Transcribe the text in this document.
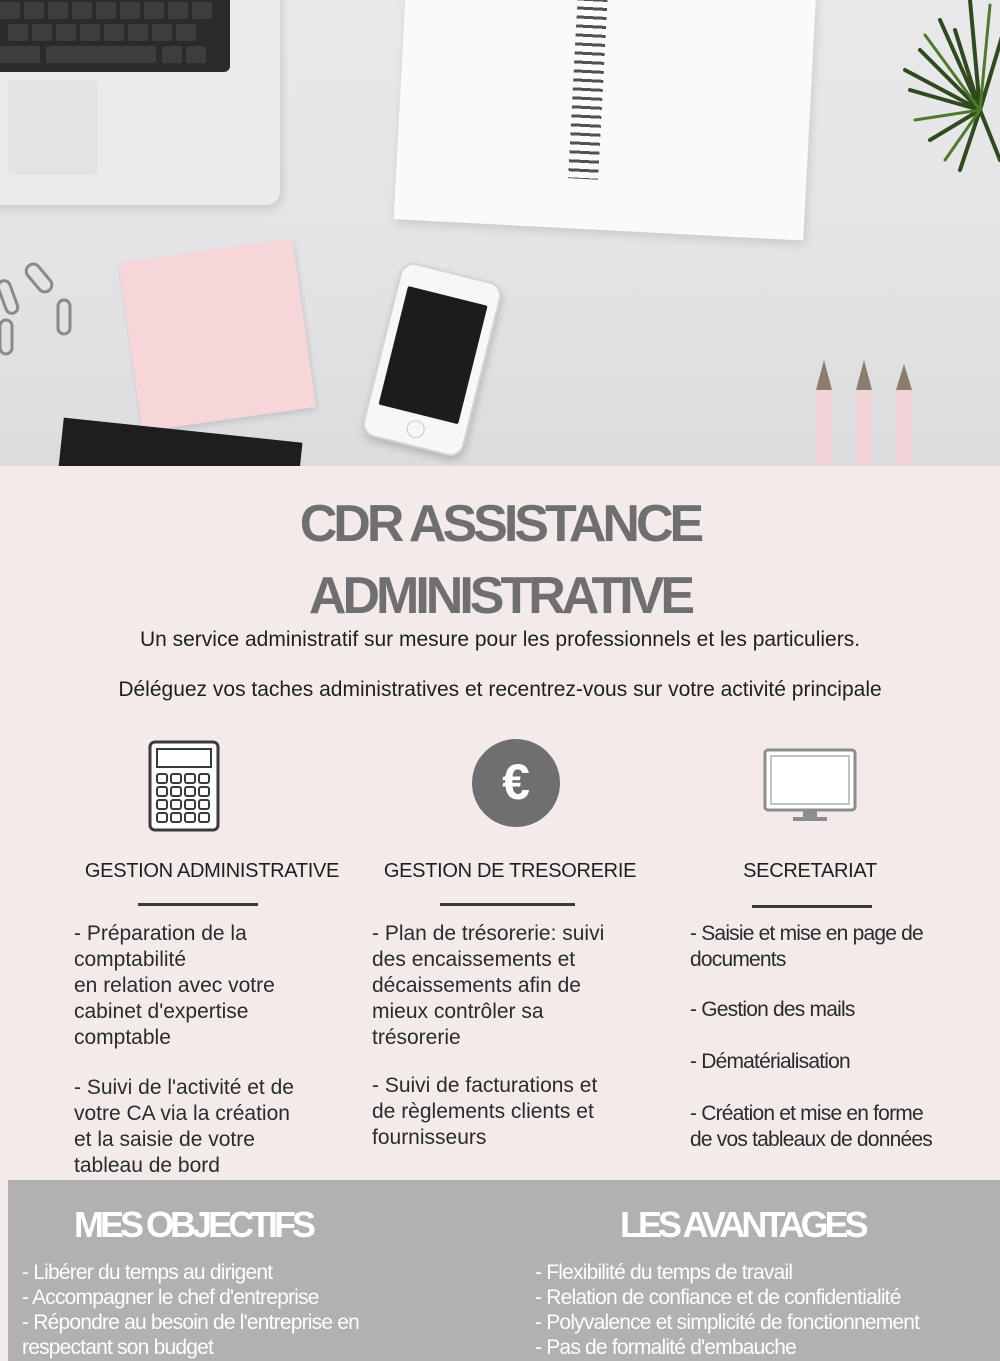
CDR ASSISTANCE
ADMINISTRATIVE
Un service administratif sur mesure pour les professionnels et les particuliers.
Déléguez vos taches administratives et recentrez-vous sur votre activité principale
€
GESTION ADMINISTRATIVE	GESTION DE TRESORERIE	SECRETARIAT

- Préparation de la

comptabilité

en relation avec votre

cabinet d'expertise

comptable

- Suivi de l'activité et de

votre CA via la création

et la saisie de votre

tableau de bord

- Plan de trésorerie: suivi

des encaissements et

décaissements afin de

mieux contrôler sa

trésorerie

- Suivi de facturations et

de règlements clients et

fournisseurs

- Saisie et mise en page de

documents

- Gestion des mails

- Dématérialisation

- Création et mise en forme

de vos tableaux de données

MES OBJECTIFS	LES AVANTAGES

- Libérer du temps au dirigent

- Accompagner le chef d'entreprise

- Répondre au besoin de l'entreprise en

respectant son budget

- Flexibilité du temps de travail

- Relation de confiance et de confidentialité

- Polyvalence et simplicité de fonctionnement

- Pas de formalité d'embauche
